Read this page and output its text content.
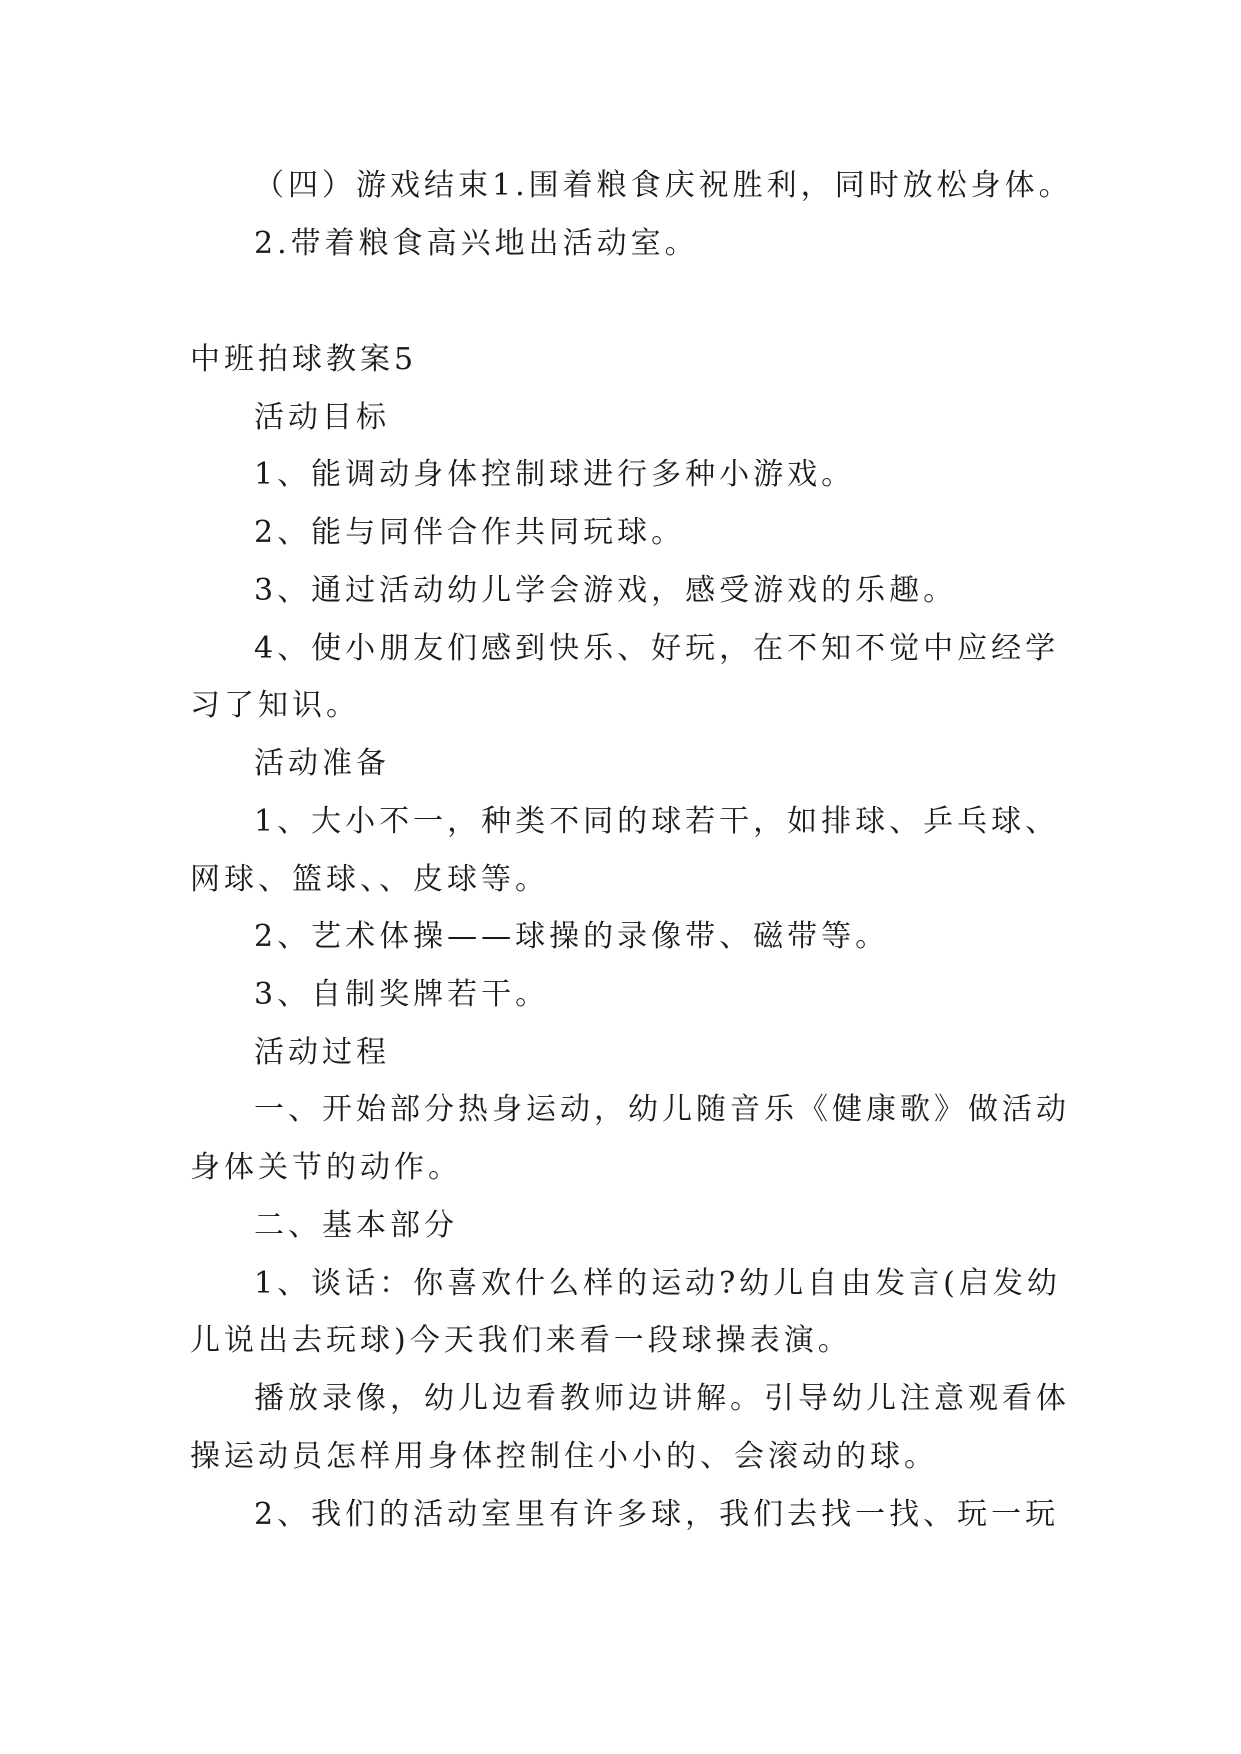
（四）游戏结束1.围着粮食庆祝胜利，同时放松身体。
2.带着粮食高兴地出活动室。
中班拍球教案5
活动目标
1、能调动身体控制球进行多种小游戏。
2、能与同伴合作共同玩球。
3、通过活动幼儿学会游戏，感受游戏的乐趣。
4、使小朋友们感到快乐、好玩，在不知不觉中应经学
习了知识。
活动准备
1、大小不一，种类不同的球若干，如排球、乒乓球、
网球、篮球、、皮球等。
2、艺术体操——球操的录像带、磁带等。
3、自制奖牌若干。
活动过程
一、开始部分热身运动，幼儿随音乐《健康歌》做活动
身体关节的动作。
二、基本部分
1、谈话：你喜欢什么样的运动?幼儿自由发言(启发幼
儿说出去玩球)今天我们来看一段球操表演。
播放录像，幼儿边看教师边讲解。引导幼儿注意观看体
操运动员怎样用身体控制住小小的、会滚动的球。
2、我们的活动室里有许多球，我们去找一找、玩一玩
